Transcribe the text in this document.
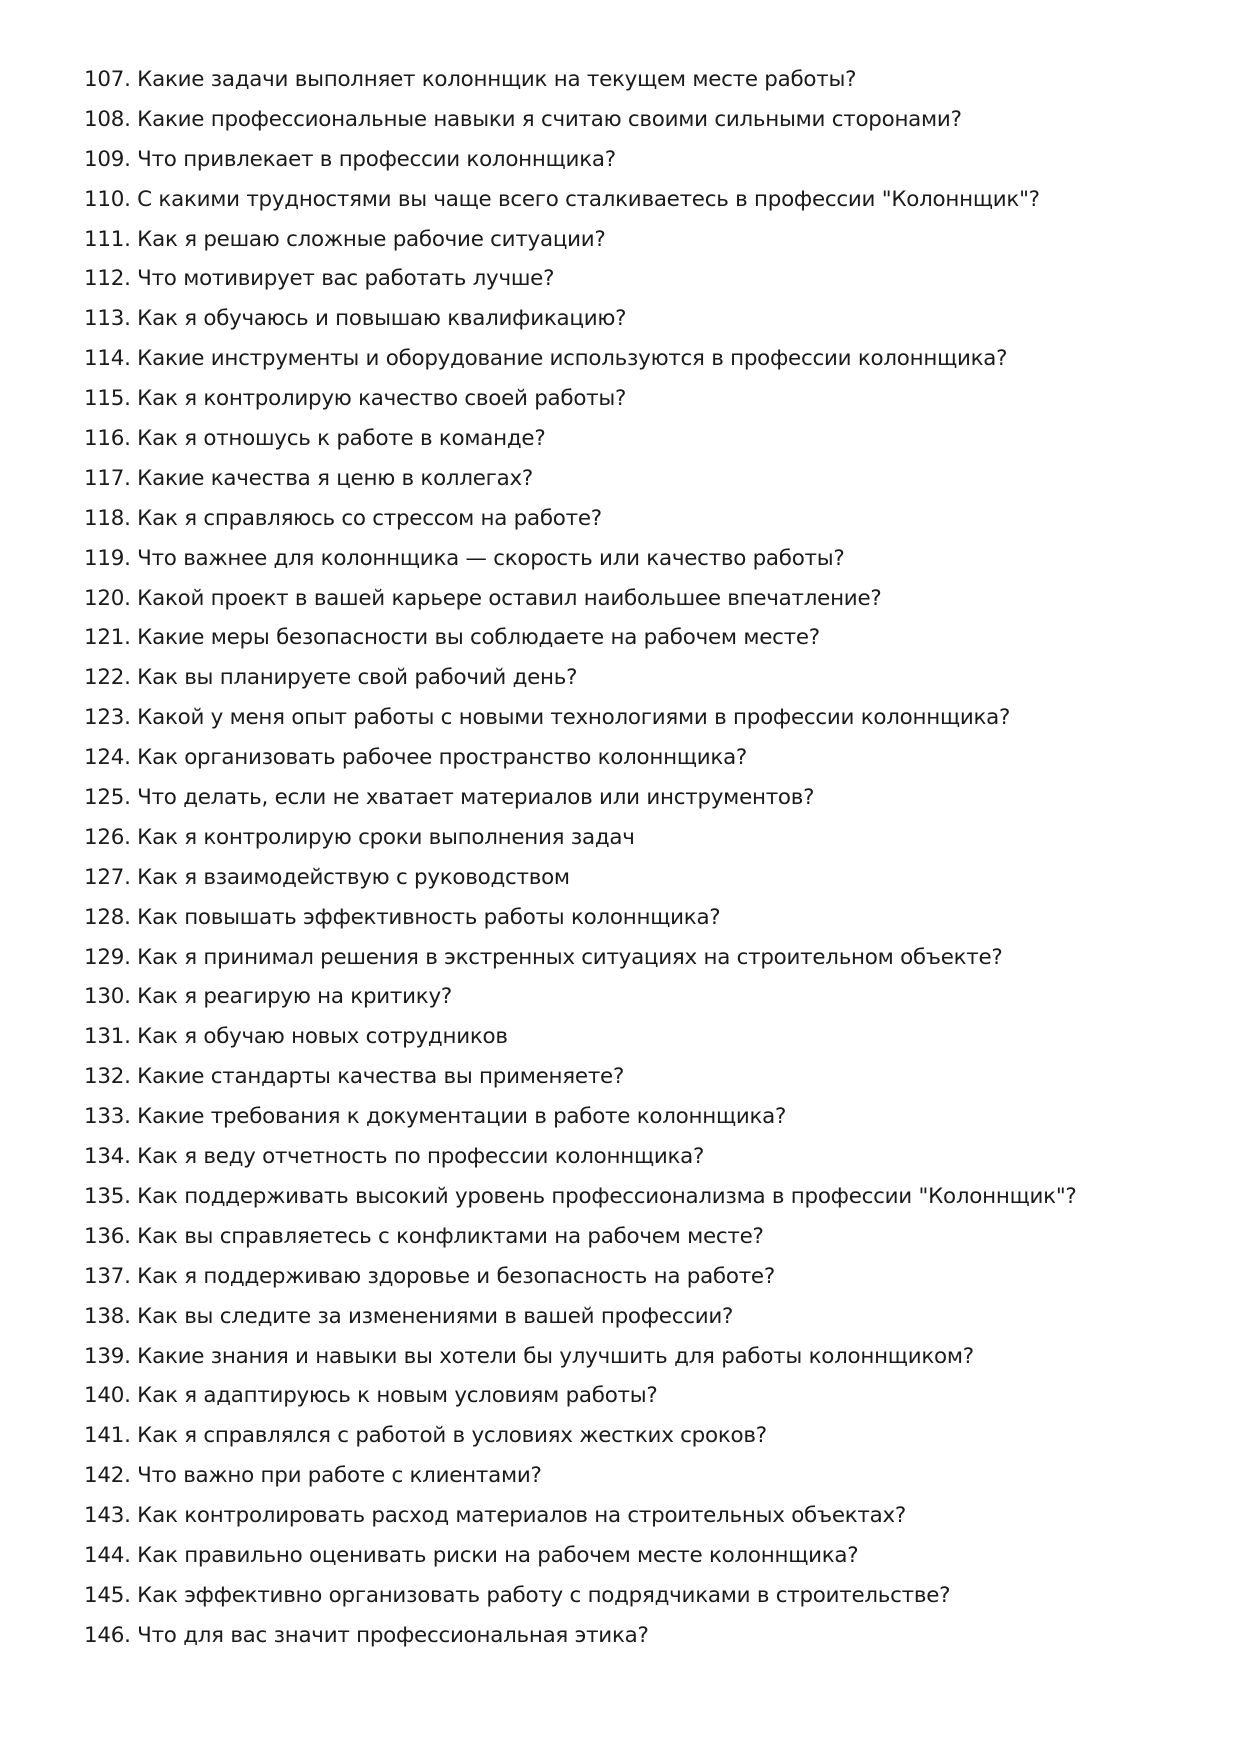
107. Какие задачи выполняет колоннщик на текущем месте работы?
108. Какие профессиональные навыки я считаю своими сильными сторонами?
109. Что привлекает в профессии колоннщика?
110. С какими трудностями вы чаще всего сталкиваетесь в профессии "Колоннщик"?
111. Как я решаю сложные рабочие ситуации?
112. Что мотивирует вас работать лучше?
113. Как я обучаюсь и повышаю квалификацию?
114. Какие инструменты и оборудование используются в профессии колоннщика?
115. Как я контролирую качество своей работы?
116. Как я отношусь к работе в команде?
117. Какие качества я ценю в коллегах?
118. Как я справляюсь со стрессом на работе?
119. Что важнее для колоннщика — скорость или качество работы?
120. Какой проект в вашей карьере оставил наибольшее впечатление?
121. Какие меры безопасности вы соблюдаете на рабочем месте?
122. Как вы планируете свой рабочий день?
123. Какой у меня опыт работы с новыми технологиями в профессии колоннщика?
124. Как организовать рабочее пространство колоннщика?
125. Что делать, если не хватает материалов или инструментов?
126. Как я контролирую сроки выполнения задач
127. Как я взаимодействую с руководством
128. Как повышать эффективность работы колоннщика?
129. Как я принимал решения в экстренных ситуациях на строительном объекте?
130. Как я реагирую на критику?
131. Как я обучаю новых сотрудников
132. Какие стандарты качества вы применяете?
133. Какие требования к документации в работе колоннщика?
134. Как я веду отчетность по профессии колоннщика?
135. Как поддерживать высокий уровень профессионализма в профессии "Колоннщик"?
136. Как вы справляетесь с конфликтами на рабочем месте?
137. Как я поддерживаю здоровье и безопасность на работе?
138. Как вы следите за изменениями в вашей профессии?
139. Какие знания и навыки вы хотели бы улучшить для работы колоннщиком?
140. Как я адаптируюсь к новым условиям работы?
141. Как я справлялся с работой в условиях жестких сроков?
142. Что важно при работе с клиентами?
143. Как контролировать расход материалов на строительных объектах?
144. Как правильно оценивать риски на рабочем месте колоннщика?
145. Как эффективно организовать работу с подрядчиками в строительстве?
146. Что для вас значит профессиональная этика?
